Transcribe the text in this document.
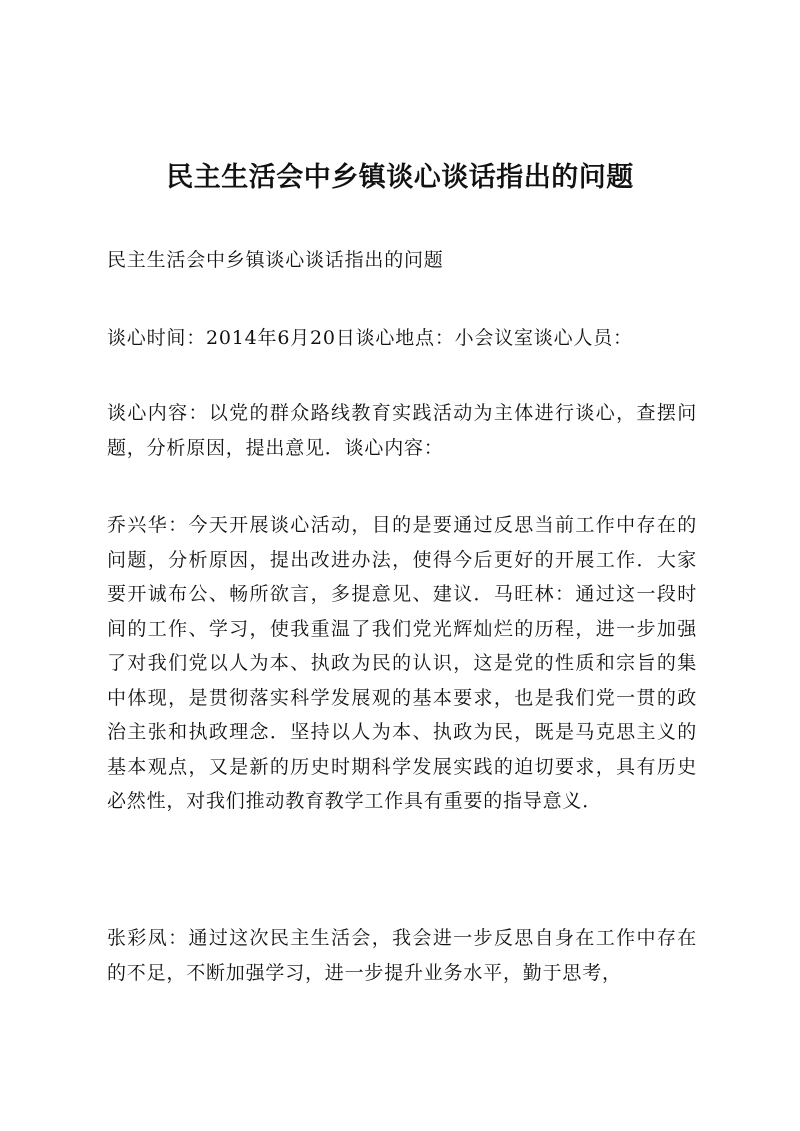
民主生活会中乡镇谈心谈话指出的问题

民主生活会中乡镇谈心谈话指出的问题

谈心时间：2014年6月20日谈心地点：小会议室谈心人员：

谈心内容：以党的群众路线教育实践活动为主体进行谈心，查摆问题，分析原因，提出意见．谈心内容：

乔兴华：今天开展谈心活动，目的是要通过反思当前工作中存在的问题，分析原因，提出改进办法，使得今后更好的开展工作．大家要开诚布公、畅所欲言，多提意见、建议．马旺林：通过这一段时间的工作、学习，使我重温了我们党光辉灿烂的历程，进一步加强了对我们党以人为本、执政为民的认识，这是党的性质和宗旨的集中体现，是贯彻落实科学发展观的基本要求，也是我们党一贯的政治主张和执政理念．坚持以人为本、执政为民，既是马克思主义的基本观点，又是新的历史时期科学发展实践的迫切要求，具有历史必然性，对我们推动教育教学工作具有重要的指导意义．

张彩凤：通过这次民主生活会，我会进一步反思自身在工作中存在的不足，不断加强学习，进一步提升业务水平，勤于思考，
